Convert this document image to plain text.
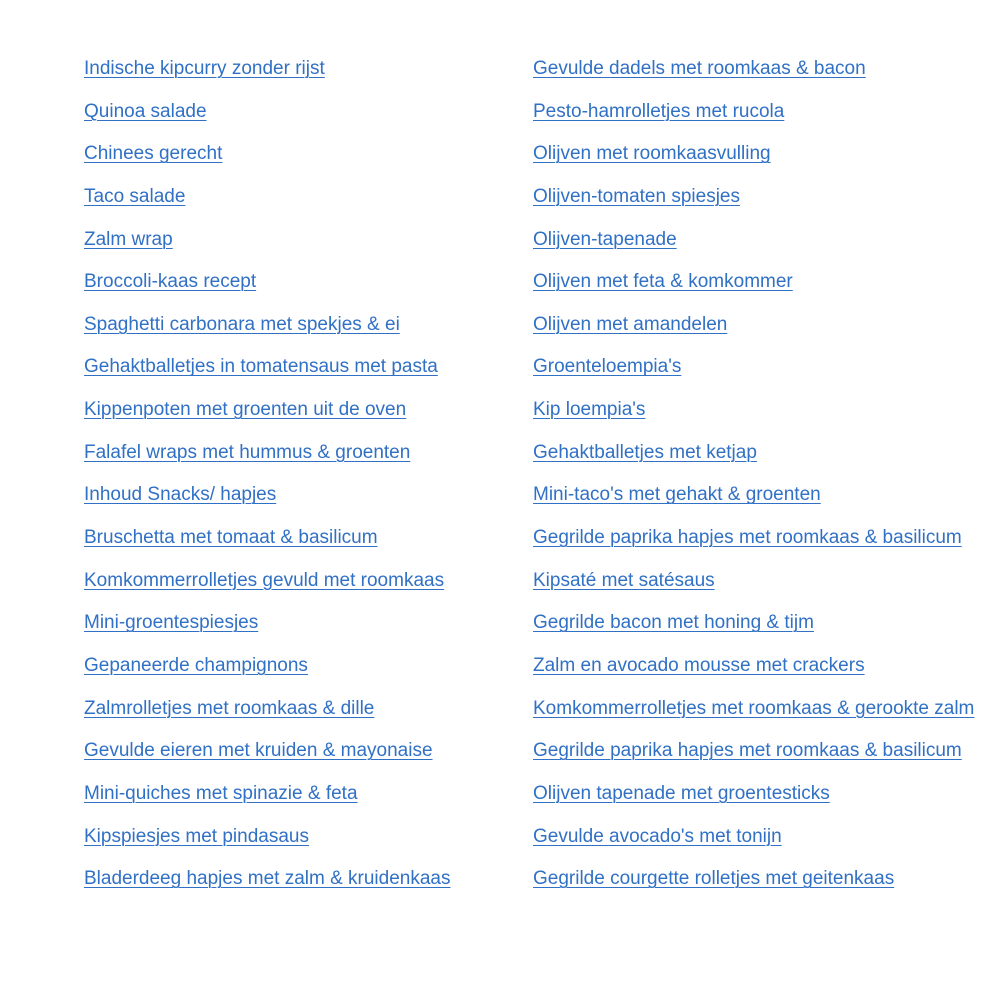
Indische kipcurry zonder rijst
Quinoa salade
Chinees gerecht
Taco salade
Zalm wrap
Broccoli-kaas recept
Spaghetti carbonara met spekjes & ei
Gehaktballetjes in tomatensaus met pasta
Kippenpoten met groenten uit de oven
Falafel wraps met hummus & groenten
Inhoud Snacks/ hapjes
Bruschetta met tomaat & basilicum
Komkommerrolletjes gevuld met roomkaas
Mini-groentespiesjes
Gepaneerde champignons
Zalmrolletjes met roomkaas & dille
Gevulde eieren met kruiden & mayonaise
Mini-quiches met spinazie & feta
Kipspiesjes met pindasaus
Bladerdeeg hapjes met zalm & kruidenkaas
Gevulde dadels met roomkaas & bacon
Pesto-hamrolletjes met rucola
Olijven met roomkaasvulling
Olijven-tomaten spiesjes
Olijven-tapenade
Olijven met feta & komkommer
Olijven met amandelen
Groenteloempia's
Kip loempia's
Gehaktballetjes met ketjap
Mini-taco's met gehakt & groenten
Gegrilde paprika hapjes met roomkaas & basilicum
Kipsaté met satésaus
Gegrilde bacon met honing & tijm
Zalm en avocado mousse met crackers
Komkommerrolletjes met roomkaas & gerookte zalm
Gegrilde paprika hapjes met roomkaas & basilicum
Olijven tapenade met groentesticks
Gevulde avocado's met tonijn
Gegrilde courgette rolletjes met geitenkaas
